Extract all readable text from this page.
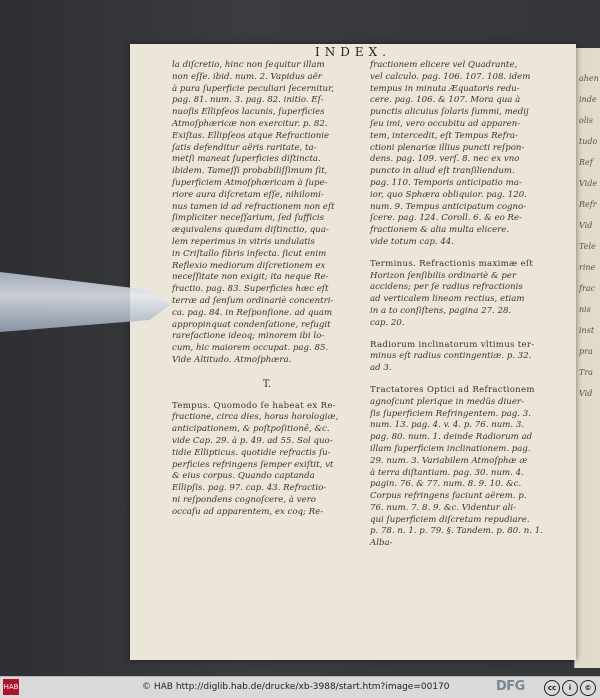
ahen
inde
olis
tudo
Ref
Vide
Refr
Vid
Tele
rine
frac
nis
inst
pra
Tra
Vid
INDEX.
la diſcretio, hinc non ſequitur illam
non eſſe. ibid. num. 2. Vapidus aër
à pura ſuperficie peculiari ſecernitur,
pag. 81. num. 3. pag. 82. initio. Eſ-
nuoſis Ellipſeos lacunis, ſuperficies
Atmoſphæricæ non exercitur. p. 82.
Exiſtas. Ellipſeos atque Refractionie
ſatis defenditur aëris raritate, ta-
metſi maneat ſuperficies diſtincta.
ibidem. Tameſſi probabiliſſimum ſit,
ſuperficiem Atmoſphæricam à ſupe-
riore aura diſcretam eſſe, nihilomi-
nus tamen id ad refractionem non eſt
ſimpliciter neceſſarium, ſed ſufficis
æquivalens quædam diſtinctio, qua-
lem reperimus in vitris undulatis
in Criſtallo fibris infecta. ſicut enim
Reflexio mediorum diſcretionem ex
neceſſitate non exigit; ita neque Re-
fractio. pag. 83. Superficies hæc eſt
terræ ad ſenſum ordinariè concentri-
ca. pag. 84. in Reſponſione. ad quam
appropinquat condenſatione, refugit
rarefactione ideoq; minorem ibi lo-
cum, hic maiorem occupat. pag. 85.
Vide Altitudo. Atmoſphæra.
T.
Tempus. Quomodo ſe habeat ex Re-
fractione, circa dies, horas horologiæ,
anticipationem, & poſtpoſitionē, &c.
vide Cap. 29. à p. 49. ad 55. Sol quo-
tidie Ellipticus. quotidie refractis ſu-
perficies refringens ſemper exiſtit, vt
& eius corpus. Quando captanda
Ellipſis. pag. 97. cap. 43. Refractio-
ni reſpondens cognoſcere, à vero
occaſu ad apparentem, ex coq; Re-
fractionem elicere vel Quadrante,
vel calculo. pag. 106. 107. 108. idem
tempus in minuta Æquatoris redu-
cere. pag. 106. & 107. Mora qua à
punctis alicuius ſolaris ſummi, medij
ſeu imi, vero occubitu ad apparen-
tem, intercedit, eſt Tempus Refra-
ctioni plenariæ illius puncti reſpon-
dens. pag. 109. verſ. 8. nec ex vno
puncto in aliud eſt tranſiliendum.
pag. 110. Temporis anticipatio ma-
ior, quo Sphæra obliquior. pag. 120.
num. 9. Tempus anticipatum cogno-
ſcere. pag. 124. Coroll. 6. & eo Re-
fractionem & alia multa elicere.
vide totum cap. 44.
Terminus. Refractionis maximæ eſt
Horizon ſenſibilis ordinariè & per
accidens; per ſe radius refractionis
ad verticalem lineam rectius, etiam
in a to conſiſtens, pagina 27. 28.
cap. 20.
Radiorum inclinatorum vltimus ter-
minus eſt radius contingentiæ. p. 32.
ad 3.
Tractatores Optici ad Refractionem
agnoſcunt plerique in medüs diuer-
ſis ſuperficiem Refringentem. pag. 3.
num. 13. pag. 4. v. 4. p. 76. num. 3.
pag. 80. num. 1. deinde Radiorum ad
illam ſuperficiem inclinationem. pag.
29. num. 3. Variabilem Atmoſphæ æ
à terra diſtantiam. pag. 30. num. 4.
pagin. 76. & 77. num. 8. 9. 10. &c.
Corpus refringens faciunt aërem. p.
76. num. 7. 8. 9. &c. Videntur ali-
qui ſuperficiem diſcretam repudiare.
p. 78. n. 1. p. 79. §. Tandem. p. 80. n. 1.
Alba-
HAB	© HAB http://diglib.hab.de/drucke/xb-3988/start.htm?image=00170	DFG	cc	i	©
